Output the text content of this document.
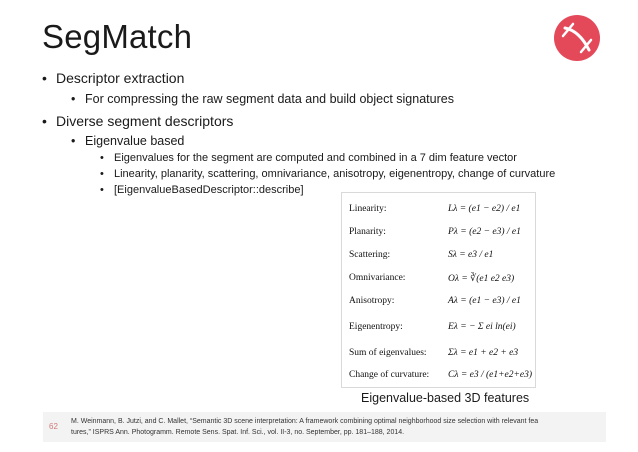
SegMatch
• Descriptor extraction
• For compressing the raw segment data and build object signatures
• Diverse segment descriptors
• Eigenvalue based
• Eigenvalues for the segment are computed and combined in a 7 dim feature vector
• Linearity, planarity, scattering, omnivariance, anisotropy, eigenentropy, change of curvature
• [EigenvalueBasedDescriptor::describe]
Linearity:	Lλ = (e1 − e2) / e1
Planarity:	Pλ = (e2 − e3) / e1
Scattering:	Sλ = e3 / e1
Omnivariance:	Oλ = ∛(e1 e2 e3)
Anisotropy:	Aλ = (e1 − e3) / e1
Eigenentropy:	Eλ = − Σ ei ln(ei)
Sum of eigenvalues: Σλ = e1 + e2 + e3
Change of curvature: Cλ = e3 / (e1+e2+e3)
Eigenvalue-based 3D features
62
M. Weinmann, B. Jutzi, and C. Mallet, “Semantic 3D scene interpretation: A framework combining optimal neighborhood size selection with relevant fea
tures,” ISPRS Ann. Photogramm. Remote Sens. Spat. Inf. Sci., vol. II-3, no. September, pp. 181–188, 2014.
